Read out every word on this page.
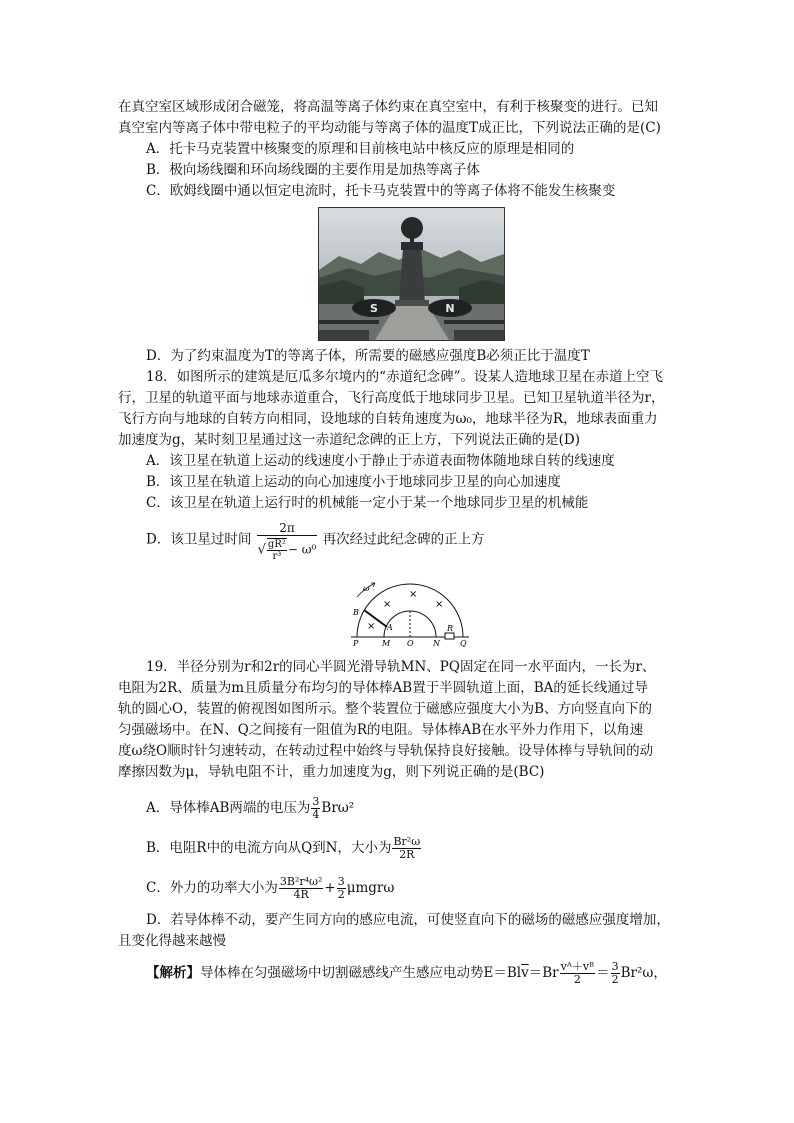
在真空室区域形成闭合磁笼，将高温等离子体约束在真空室中，有利于核聚变的进行。已知
真空室内等离子体中带电粒子的平均动能与等离子体的温度T成正比，下列说法正确的是(C)
A．托卡马克装置中核聚变的原理和目前核电站中核反应的原理是相同的
B．极向场线圈和环向场线圈的主要作用是加热等离子体
C．欧姆线圈中通以恒定电流时，托卡马克装置中的等离子体将不能发生核聚变
S	N
D．为了约束温度为T的等离子体，所需要的磁感应强度B必须正比于温度T
18．如图所示的建筑是厄瓜多尔境内的“赤道纪念碑”。设某人造地球卫星在赤道上空飞
行，卫星的轨道平面与地球赤道重合，飞行高度低于地球同步卫星。已知卫星轨道半径为r，
飞行方向与地球的自转方向相同，设地球的自转角速度为ω₀，地球半径为R，地球表面重力
加速度为g，某时刻卫星通过这一赤道纪念碑的正上方，下列说法正确的是(D)
A．该卫星在轨道上运动的线速度小于静止于赤道表面物体随地球自转的线速度
B．该卫星在轨道上运动的向心加速度小于地球同步卫星的向心加速度
C．该卫星在轨道上运行时的机械能一定小于某一个地球同步卫星的机械能
D．该卫星过时间 $\frac{2\pi}{√ \frac{\text{gR²}}{\text{r³}} - \omega^0}$ 再次经过此纪念碑的正上方
×
×
×
×
ω
B
A	R
P	M O N	Q
19．半径分别为r和2r的同心半圆光滑导轨MN、PQ固定在同一水平面内，一长为r、
电阻为2R、质量为m且质量分布均匀的导体棒AB置于半圆轨道上面，BA的延长线通过导
轨的圆心O，装置的俯视图如图所示。整个装置位于磁感应强度大小为B、方向竖直向下的
匀强磁场中。在N、Q之间接有一阻值为R的电阻。导体棒AB在水平外力作用下，以角速
度ω绕O顺时针匀速转动，在转动过程中始终与导轨保持良好接触。设导体棒与导轨间的动
摩擦因数为μ，导轨电阻不计，重力加速度为g，则下列说正确的是(BC)
A．导体棒AB两端的电压为 $\frac{3}{4} Br\omega^2$
B．电阻R中的电流方向从Q到N，大小为 $\frac{\text{Br²ω}}{2R}$
C．外力的功率大小为 $\frac{\text{3B²r⁴ω²}}{4R} + \frac{3}{2}$ μmgrω
D．若导体棒不动，要产生同方向的感应电流，可使竖直向下的磁场的磁感应强度增加，
且变化得越来越慢
【解析】导体棒在匀强磁场中切割磁感线产生感应电动势$E=Bl\overline{v}=Br \frac{\text{vᴬ＋vᴮ}}{2} = \frac{3}{2} Br^2\omega$，
